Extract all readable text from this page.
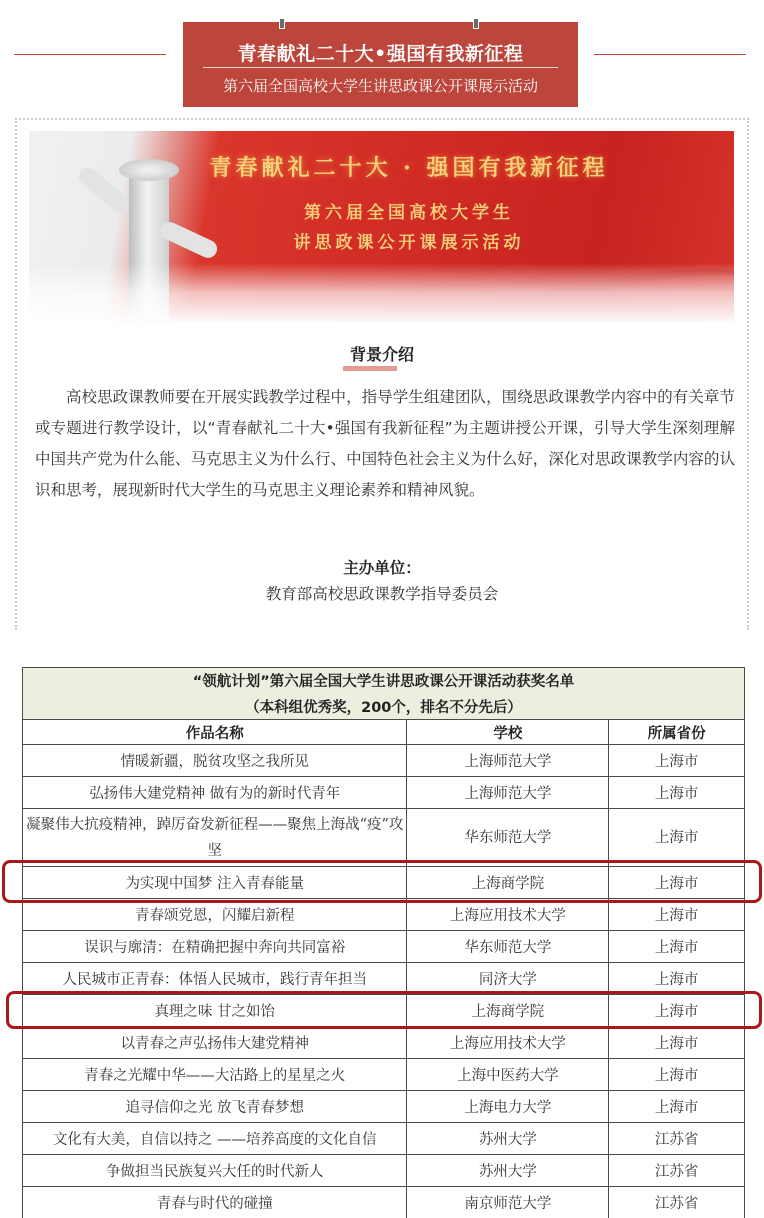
青春献礼二十大•强国有我新征程
第六届全国高校大学生讲思政课公开课展示活动
青春献礼二十大 · 强国有我新征程
第六届全国高校大学生
讲思政课公开课展示活动
背景介绍

高校思政课教师要在开展实践教学过程中，指导学生组建团队，围绕思政课教学内容中的有关章节或专题进行教学设计，以“青春献礼二十大•强国有我新征程”为主题讲授公开课，引导大学生深刻理解中国共产党为什么能、马克思主义为什么行、中国特色社会主义为什么好，深化对思政课教学内容的认识和思考，展现新时代大学生的马克思主义理论素养和精神风貌。

主办单位：
教育部高校思政课教学指导委员会
“领航计划”第六届全国大学生讲思政课公开课活动获奖名单		
（本科组优秀奖，200个，排名不分先后）		
作品名称	学校	所属省份
情暖新疆，脱贫攻坚之我所见	上海师范大学	上海市
弘扬伟大建党精神 做有为的新时代青年	上海师范大学	上海市
凝聚伟大抗疫精神，踔厉奋发新征程——聚焦上海战“疫”攻坚	华东师范大学	上海市
为实现中国梦 注入青春能量	上海商学院	上海市
青春颂党恩，闪耀启新程	上海应用技术大学	上海市
误识与廓清：在精确把握中奔向共同富裕	华东师范大学	上海市
人民城市正青春：体悟人民城市，践行青年担当	同济大学	上海市
真理之味 甘之如饴	上海商学院	上海市
以青春之声弘扬伟大建党精神	上海应用技术大学	上海市
青春之光耀中华——大沽路上的星星之火	上海中医药大学	上海市
追寻信仰之光 放飞青春梦想	上海电力大学	上海市
文化有大美，自信以持之 ——培养高度的文化自信	苏州大学	江苏省
争做担当民族复兴大任的时代新人	苏州大学	江苏省
青春与时代的碰撞	南京师范大学	江苏省
